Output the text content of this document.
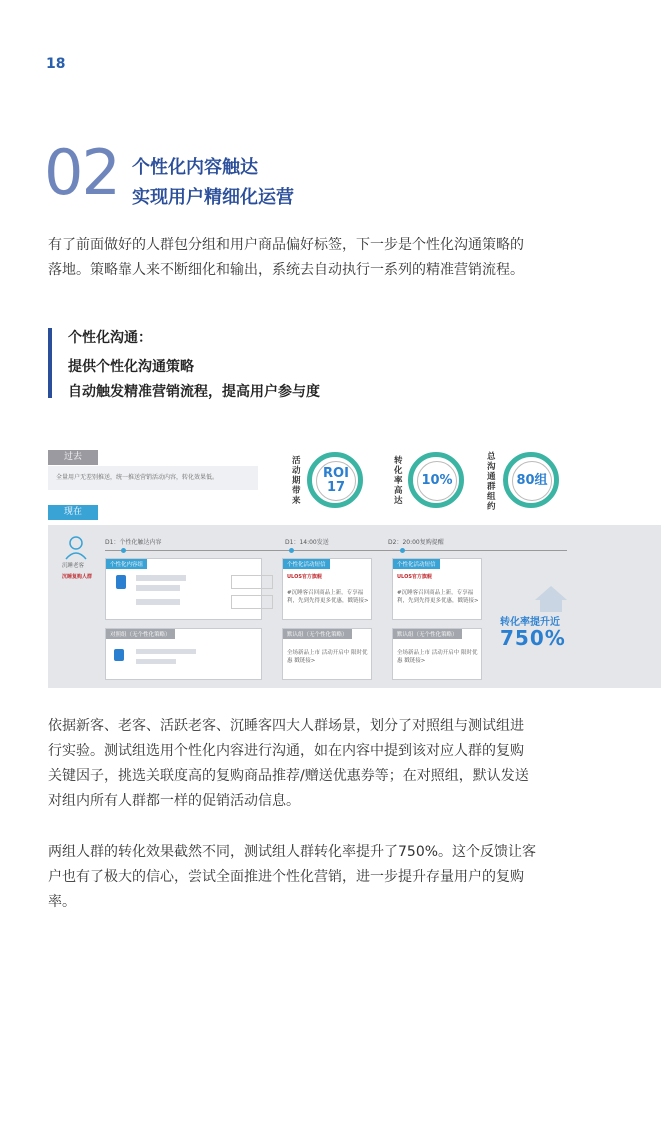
18
02 个性化内容触达
实现用户精细化运营

有了前面做好的人群包分组和用户商品偏好标签，下一步是个性化沟通策略的
落地。策略靠人来不断细化和输出，系统去自动执行一系列的精准营销流程。

个性化沟通：
提供个性化沟通策略
自动触发精准营销流程，提高用户参与度
过去
全量用户无差别推送，统一推送营销活动内容，转化效果低。
活动期带来
ROI
17
转化率高达
10%
总沟通群组约
80组
现在
沉睡老客
沉睡复购人群
D1：个性化触达内容	D1：14:00发送	D2：20:00复购提醒
个性化内容组
对照组（无个性化策略）
个性化活动短信
ULOS官方旗舰
#沉睡客召回商品上新，专享福利，先到先得更多优惠，戳链接>
个性化活动短信
ULOS官方旗舰
#沉睡客召回商品上新，专享福利，先到先得更多优惠，戳链接>
默认组（无个性化策略）
全场新品上市 活动开启中 限时优惠 戳链接>
默认组（无个性化策略）
全场新品上市 活动开启中 限时优惠 戳链接>
转化率提升近
750%

依据新客、老客、活跃老客、沉睡客四大人群场景，划分了对照组与测试组进
行实验。测试组选用个性化内容进行沟通，如在内容中提到该对应人群的复购
关键因子，挑选关联度高的复购商品推荐/赠送优惠券等；在对照组，默认发送
对组内所有人群都一样的促销活动信息。

两组人群的转化效果截然不同，测试组人群转化率提升了750%。这个反馈让客
户也有了极大的信心，尝试全面推进个性化营销，进一步提升存量用户的复购
率。
